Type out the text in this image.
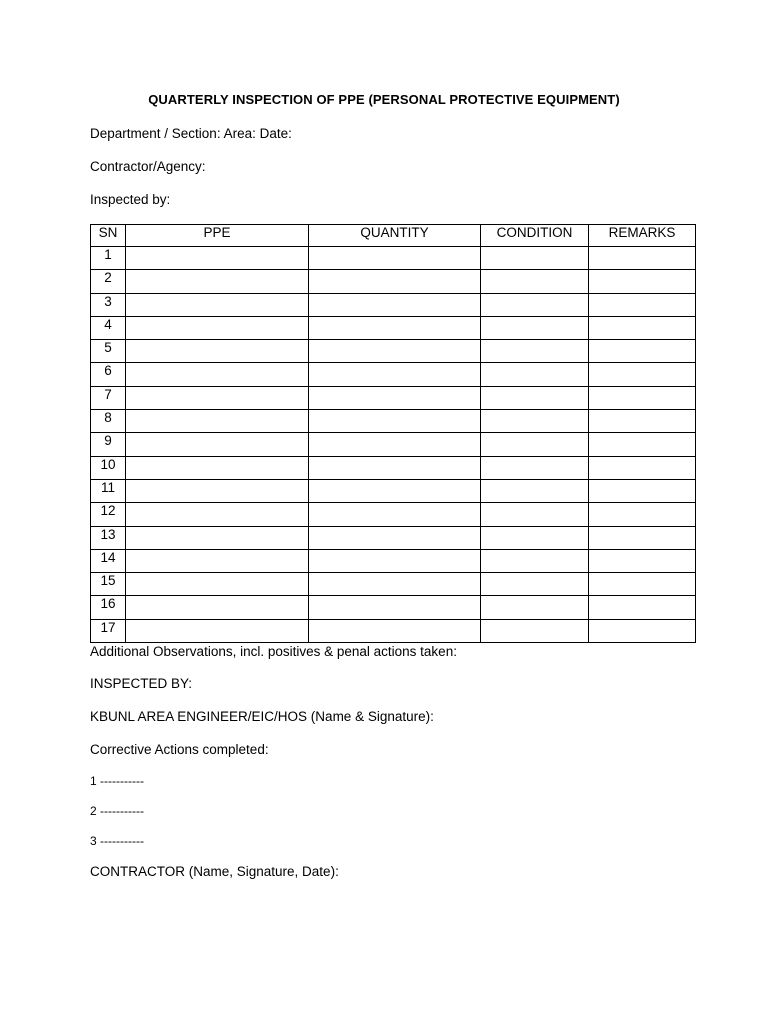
QUARTERLY INSPECTION OF PPE (PERSONAL PROTECTIVE EQUIPMENT)
Department / Section: Area: Date:
Contractor/Agency:
Inspected by:
SN	PPE	QUANTITY	CONDITION	REMARKS
1				
2				
3				
4				
5				
6				
7				
8				
9				
10				
11				
12				
13				
14				
15				
16				
17				
Additional Observations, incl. positives & penal actions taken:
INSPECTED BY:
KBUNL AREA ENGINEER/EIC/HOS (Name & Signature):
Corrective Actions completed:
1 -----------
2 -----------
3 -----------
CONTRACTOR (Name, Signature, Date):
